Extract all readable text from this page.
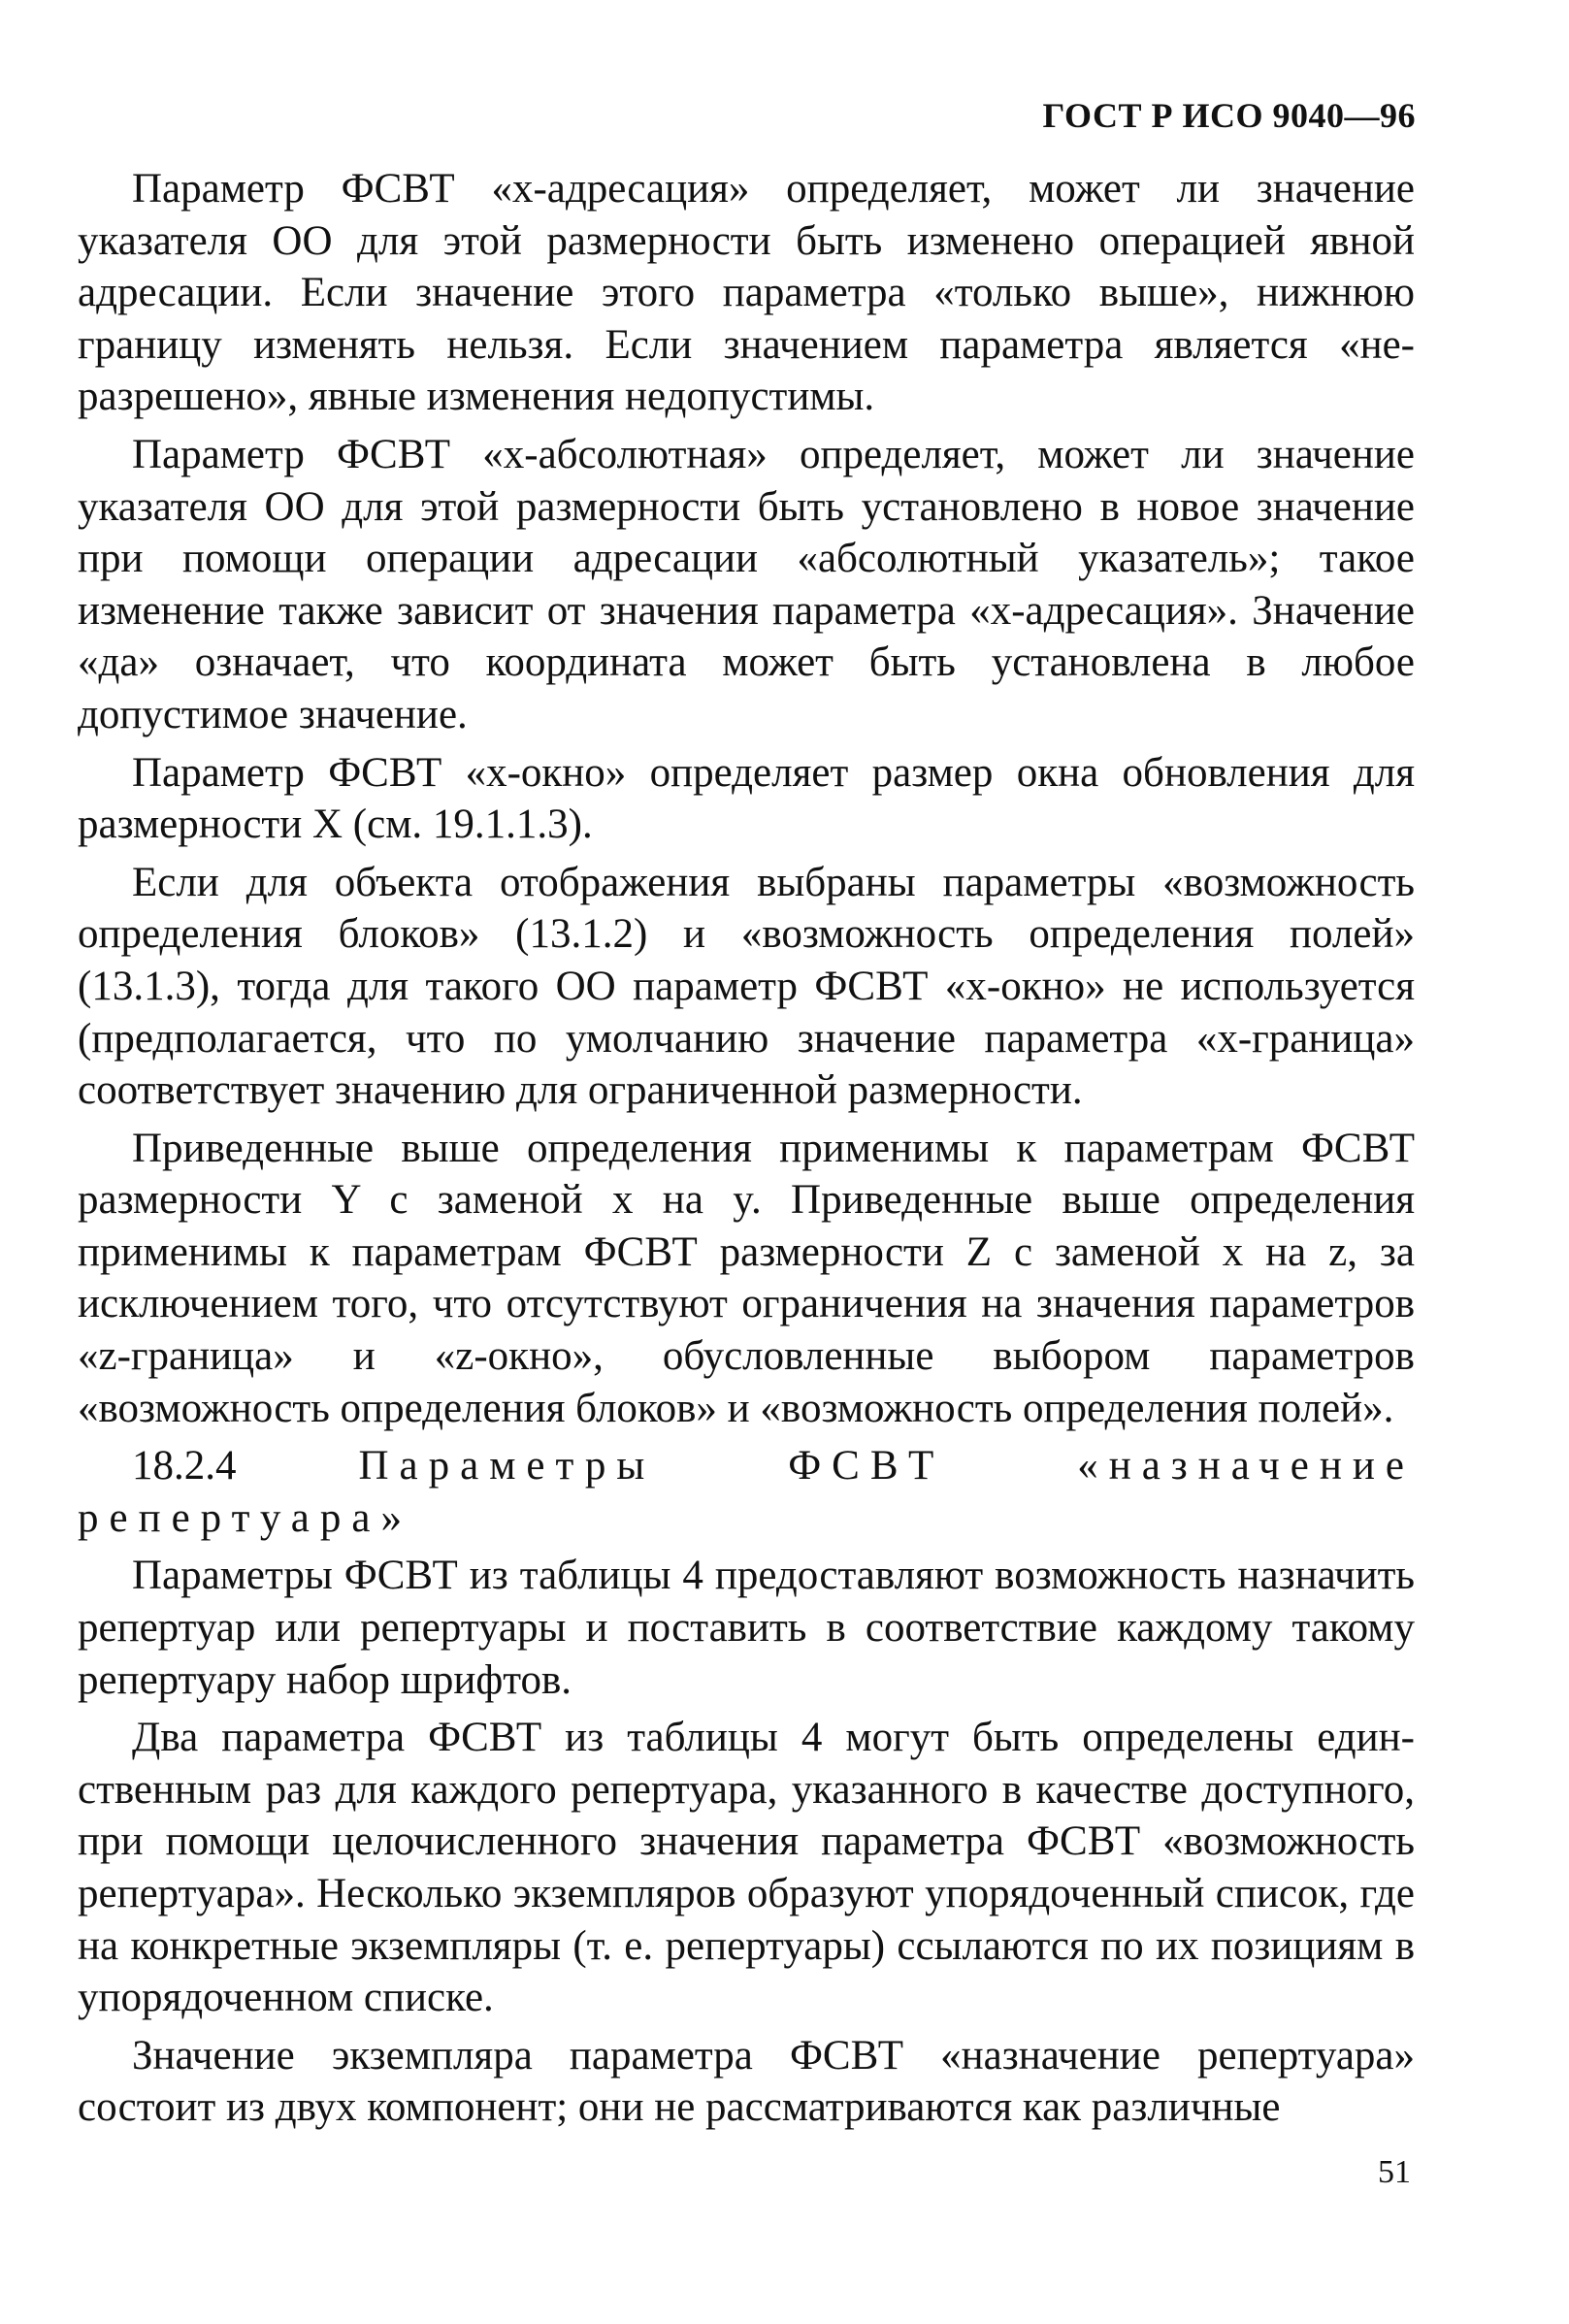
ГОСТ Р ИСО 9040—96

Параметр ФСВТ «x-адресация» определяет, может ли значение указателя ОО для этой размерности быть изменено операцией явной адресации. Если значение этого параметра «только выше», нижнюю границу изменять нельзя. Если значением параметра является «неразрешено», явные изменения недопустимы.

Параметр ФСВТ «x-абсолютная» определяет, может ли значение указателя ОО для этой размерности быть установлено в новое значение при помощи операции адресации «абсолютный указатель»; такое изменение также зависит от значения параметра «x-адресация». Значение «да» означает, что координата может быть установлена в любое допустимое значение.

Параметр ФСВТ «x-окно» определяет размер окна обновления для размерности X (см. 19.1.1.3).

Если для объекта отображения выбраны параметры «возможность определения блоков» (13.1.2) и «возможность определения полей» (13.1.3), тогда для такого ОО параметр ФСВТ «x-окно» не используется (предполагается, что по умолчанию значение параметра «x-граница» соответствует значению для ограниченной размерности.

Приведенные выше определения применимы к параметрам ФСВТ размерности Y с заменой x на y. Приведенные выше определения применимы к параметрам ФСВТ размерности Z с заменой x на z, за исключением того, что отсутствуют ограничения на значения параметров «z-граница» и «z-окно», обусловленные выбором параметров «возможность определения блоков» и «возможность определения полей».

18.2.4	Параметры ФСВТ «назначение репертуара»

Параметры ФСВТ из таблицы 4 предоставляют возможность назначить репертуар или репертуары и поставить в соответствие каждому такому репертуару набор шрифтов.

Два параметра ФСВТ из таблицы 4 могут быть определены единственным раз для каждого репертуара, указанного в качестве доступного, при помощи целочисленного значения параметра ФСВТ «возможность репертуара». Несколько экземпляров образуют упорядоченный список, где на конкретные экземпляры (т. е. репертуары) ссылаются по их позициям в упорядоченном списке.

Значение экземпляра параметра ФСВТ «назначение репертуара» состоит из двух компонент; они не рассматриваются как различные

51
